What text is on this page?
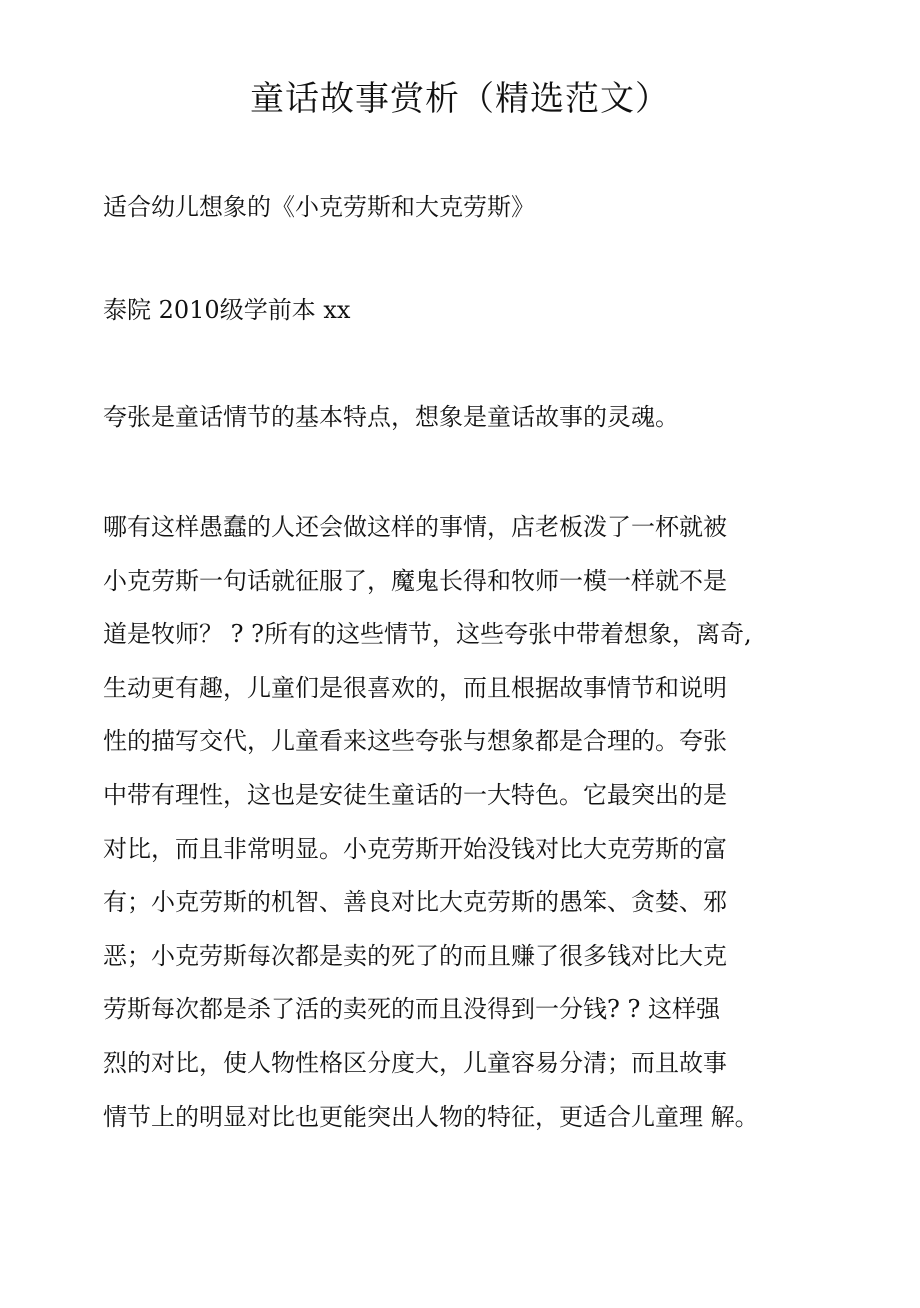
童话故事赏析（精选范文）
适合幼儿想象的《小克劳斯和大克劳斯》
泰院 2010级学前本 xx
夸张是童话情节的基本特点，想象是童话故事的灵魂。
哪有这样愚蠢的人还会做这样的事情，店老板泼了一杯就被
小克劳斯一句话就征服了，魔鬼长得和牧师一模一样就不是
道是牧师？ ? ?所有的这些情节，这些夸张中带着想象，离奇,
生动更有趣，儿童们是很喜欢的，而且根据故事情节和说明
性的描写交代，儿童看来这些夸张与想象都是合理的。夸张
中带有理性，这也是安徒生童话的一大特色。它最突出的是
对比，而且非常明显。小克劳斯开始没钱对比大克劳斯的富
有；小克劳斯的机智、善良对比大克劳斯的愚笨、贪婪、邪
恶；小克劳斯每次都是卖的死了的而且赚了很多钱对比大克
劳斯每次都是杀了活的卖死的而且没得到一分钱? ? 这样强
烈的对比，使人物性格区分度大，儿童容易分清；而且故事
情节上的明显对比也更能突出人物的特征，更适合儿童理 解。
